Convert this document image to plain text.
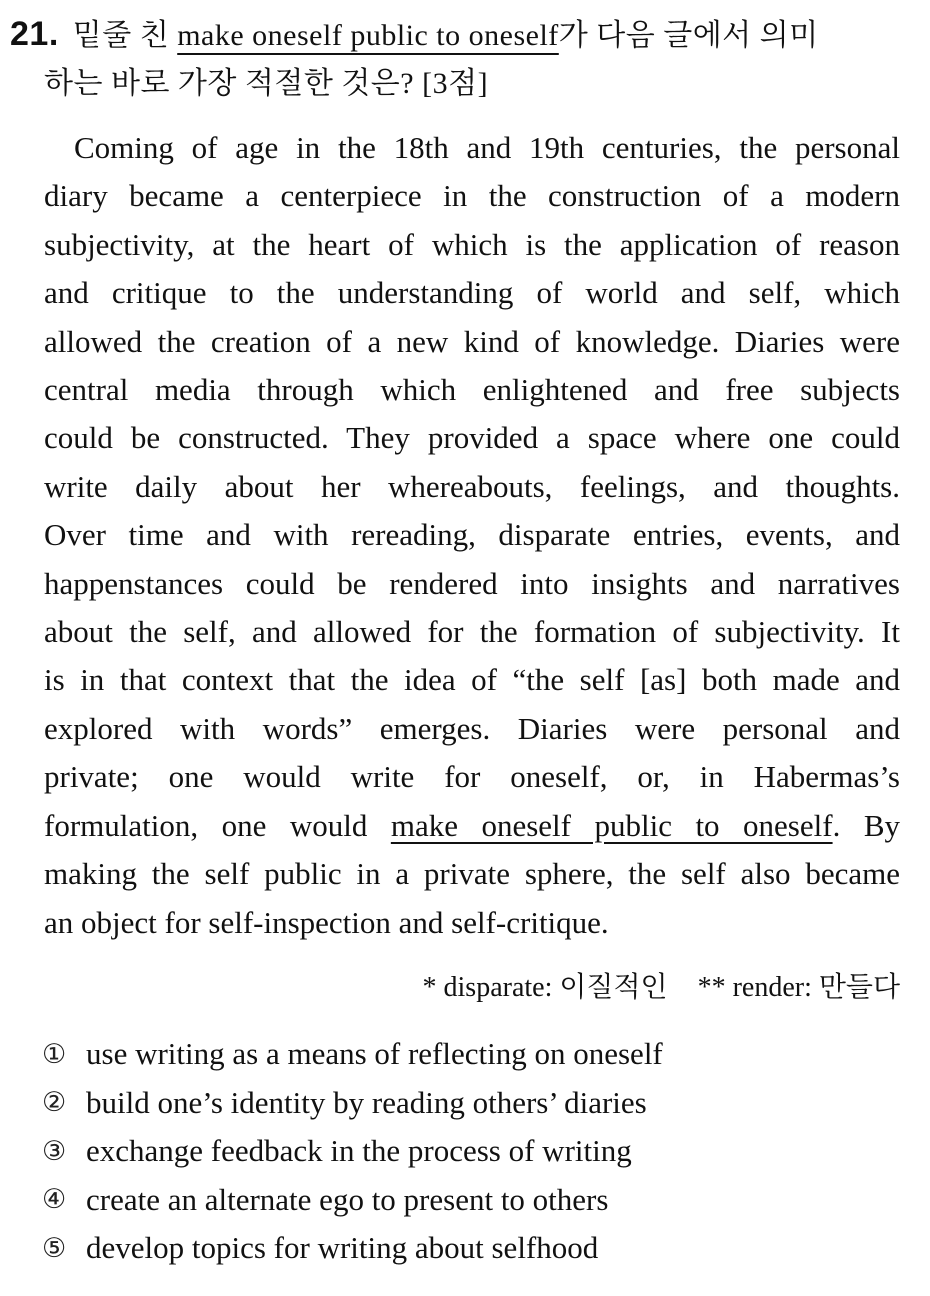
21. 밑줄 친 make oneself public to oneself가 다음 글에서 의미
하는 바로 가장 적절한 것은? [3점]
Coming of age in the 18th and 19th centuries, the personal
diary became a centerpiece in the construction of a modern
subjectivity, at the heart of which is the application of reason
and critique to the understanding of world and self, which
allowed the creation of a new kind of knowledge. Diaries were
central media through which enlightened and free subjects
could be constructed. They provided a space where one could
write daily about her whereabouts, feelings, and thoughts.
Over time and with rereading, disparate entries, events, and
happenstances could be rendered into insights and narratives
about the self, and allowed for the formation of subjectivity. It
is in that context that the idea of “the self [as] both made and
explored with words” emerges. Diaries were personal and
private; one would write for oneself, or, in Habermas’s
formulation, one would make oneself public to oneself. By
making the self public in a private sphere, the self also became
an object for self-inspection and self-critique.
* disparate: 이질적인 ** render: 만들다
① use writing as a means of reflecting on oneself
② build one’s identity by reading others’ diaries
③ exchange feedback in the process of writing
④ create an alternate ego to present to others
⑤ develop topics for writing about selfhood
